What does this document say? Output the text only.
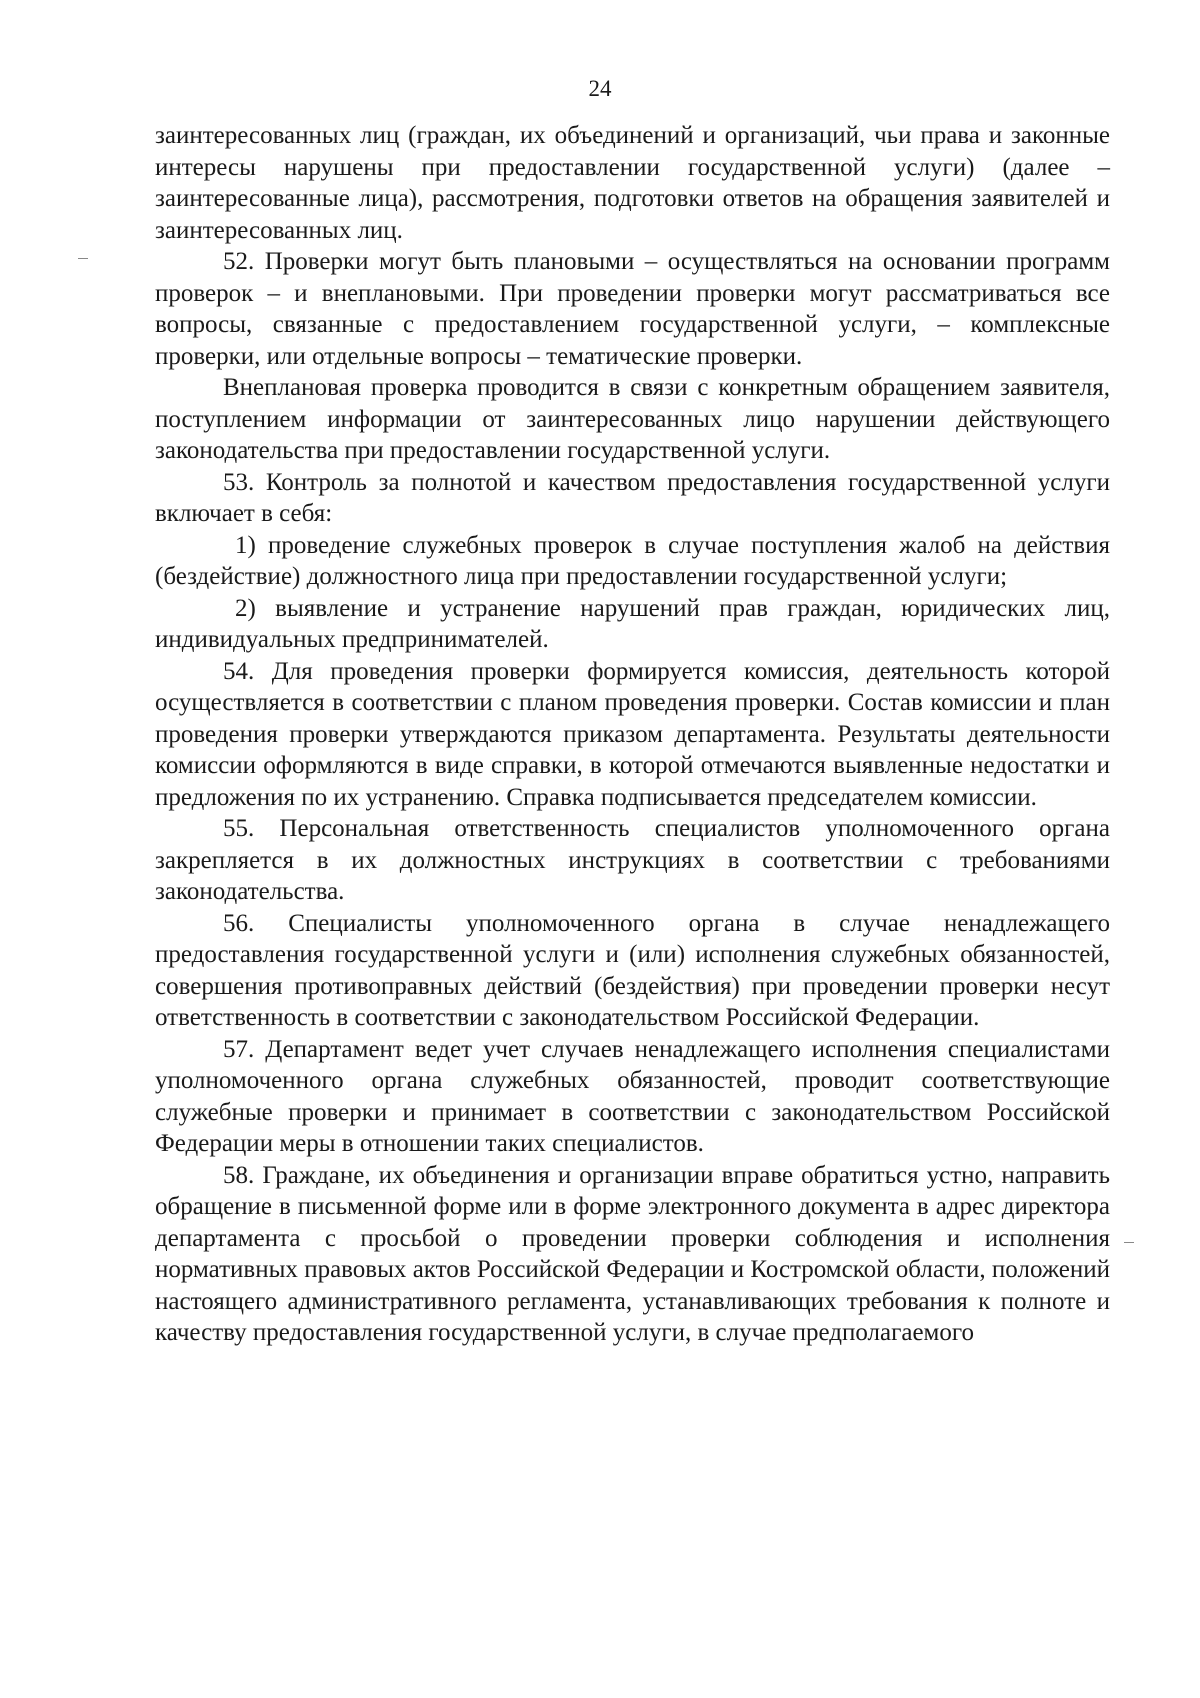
24

заинтересованных лиц (граждан, их объединений и организаций, чьи права и законные интересы нарушены при предоставлении государственной услуги) (далее – заинтересованные лица), рассмотрения, подготовки ответов на обращения заявителей и заинтересованных лиц.

52. Проверки могут быть плановыми – осуществляться на основании программ проверок – и внеплановыми. При проведении проверки могут рассматриваться все вопросы, связанные с предоставлением государственной услуги, – комплексные проверки, или отдельные вопросы – тематические проверки.

Внеплановая проверка проводится в связи с конкретным обращением заявителя, поступлением информации от заинтересованных лицо нарушении действующего законодательства при предоставлении государственной услуги.

53. Контроль за полнотой и качеством предоставления государственной услуги включает в себя:

1) проведение служебных проверок в случае поступления жалоб на действия (бездействие) должностного лица при предоставлении государственной услуги;

2) выявление и устранение нарушений прав граждан, юридических лиц, индивидуальных предпринимателей.

54. Для проведения проверки формируется комиссия, деятельность которой осуществляется в соответствии с планом проведения проверки. Состав комиссии и план проведения проверки утверждаются приказом департамента. Результаты деятельности комиссии оформляются в виде справки, в которой отмечаются выявленные недостатки и предложения по их устранению. Справка подписывается председателем комиссии.

55. Персональная ответственность специалистов уполномоченного органа закрепляется в их должностных инструкциях в соответствии с требованиями законодательства.

56. Специалисты уполномоченного органа в случае ненадлежащего предоставления государственной услуги и (или) исполнения служебных обязанностей, совершения противоправных действий (бездействия) при проведении проверки несут ответственность в соответствии с законодательством Российской Федерации.

57. Департамент ведет учет случаев ненадлежащего исполнения специалистами уполномоченного органа служебных обязанностей, проводит соответствующие служебные проверки и принимает в соответствии с законодательством Российской Федерации меры в отношении таких специалистов.

58. Граждане, их объединения и организации вправе обратиться устно, направить обращение в письменной форме или в форме электронного документа в адрес директора департамента с просьбой о проведении проверки соблюдения и исполнения нормативных правовых актов Российской Федерации и Костромской области, положений настоящего административного регламента, устанавливающих требования к полноте и качеству предоставления государственной услуги, в случае предполагаемого
